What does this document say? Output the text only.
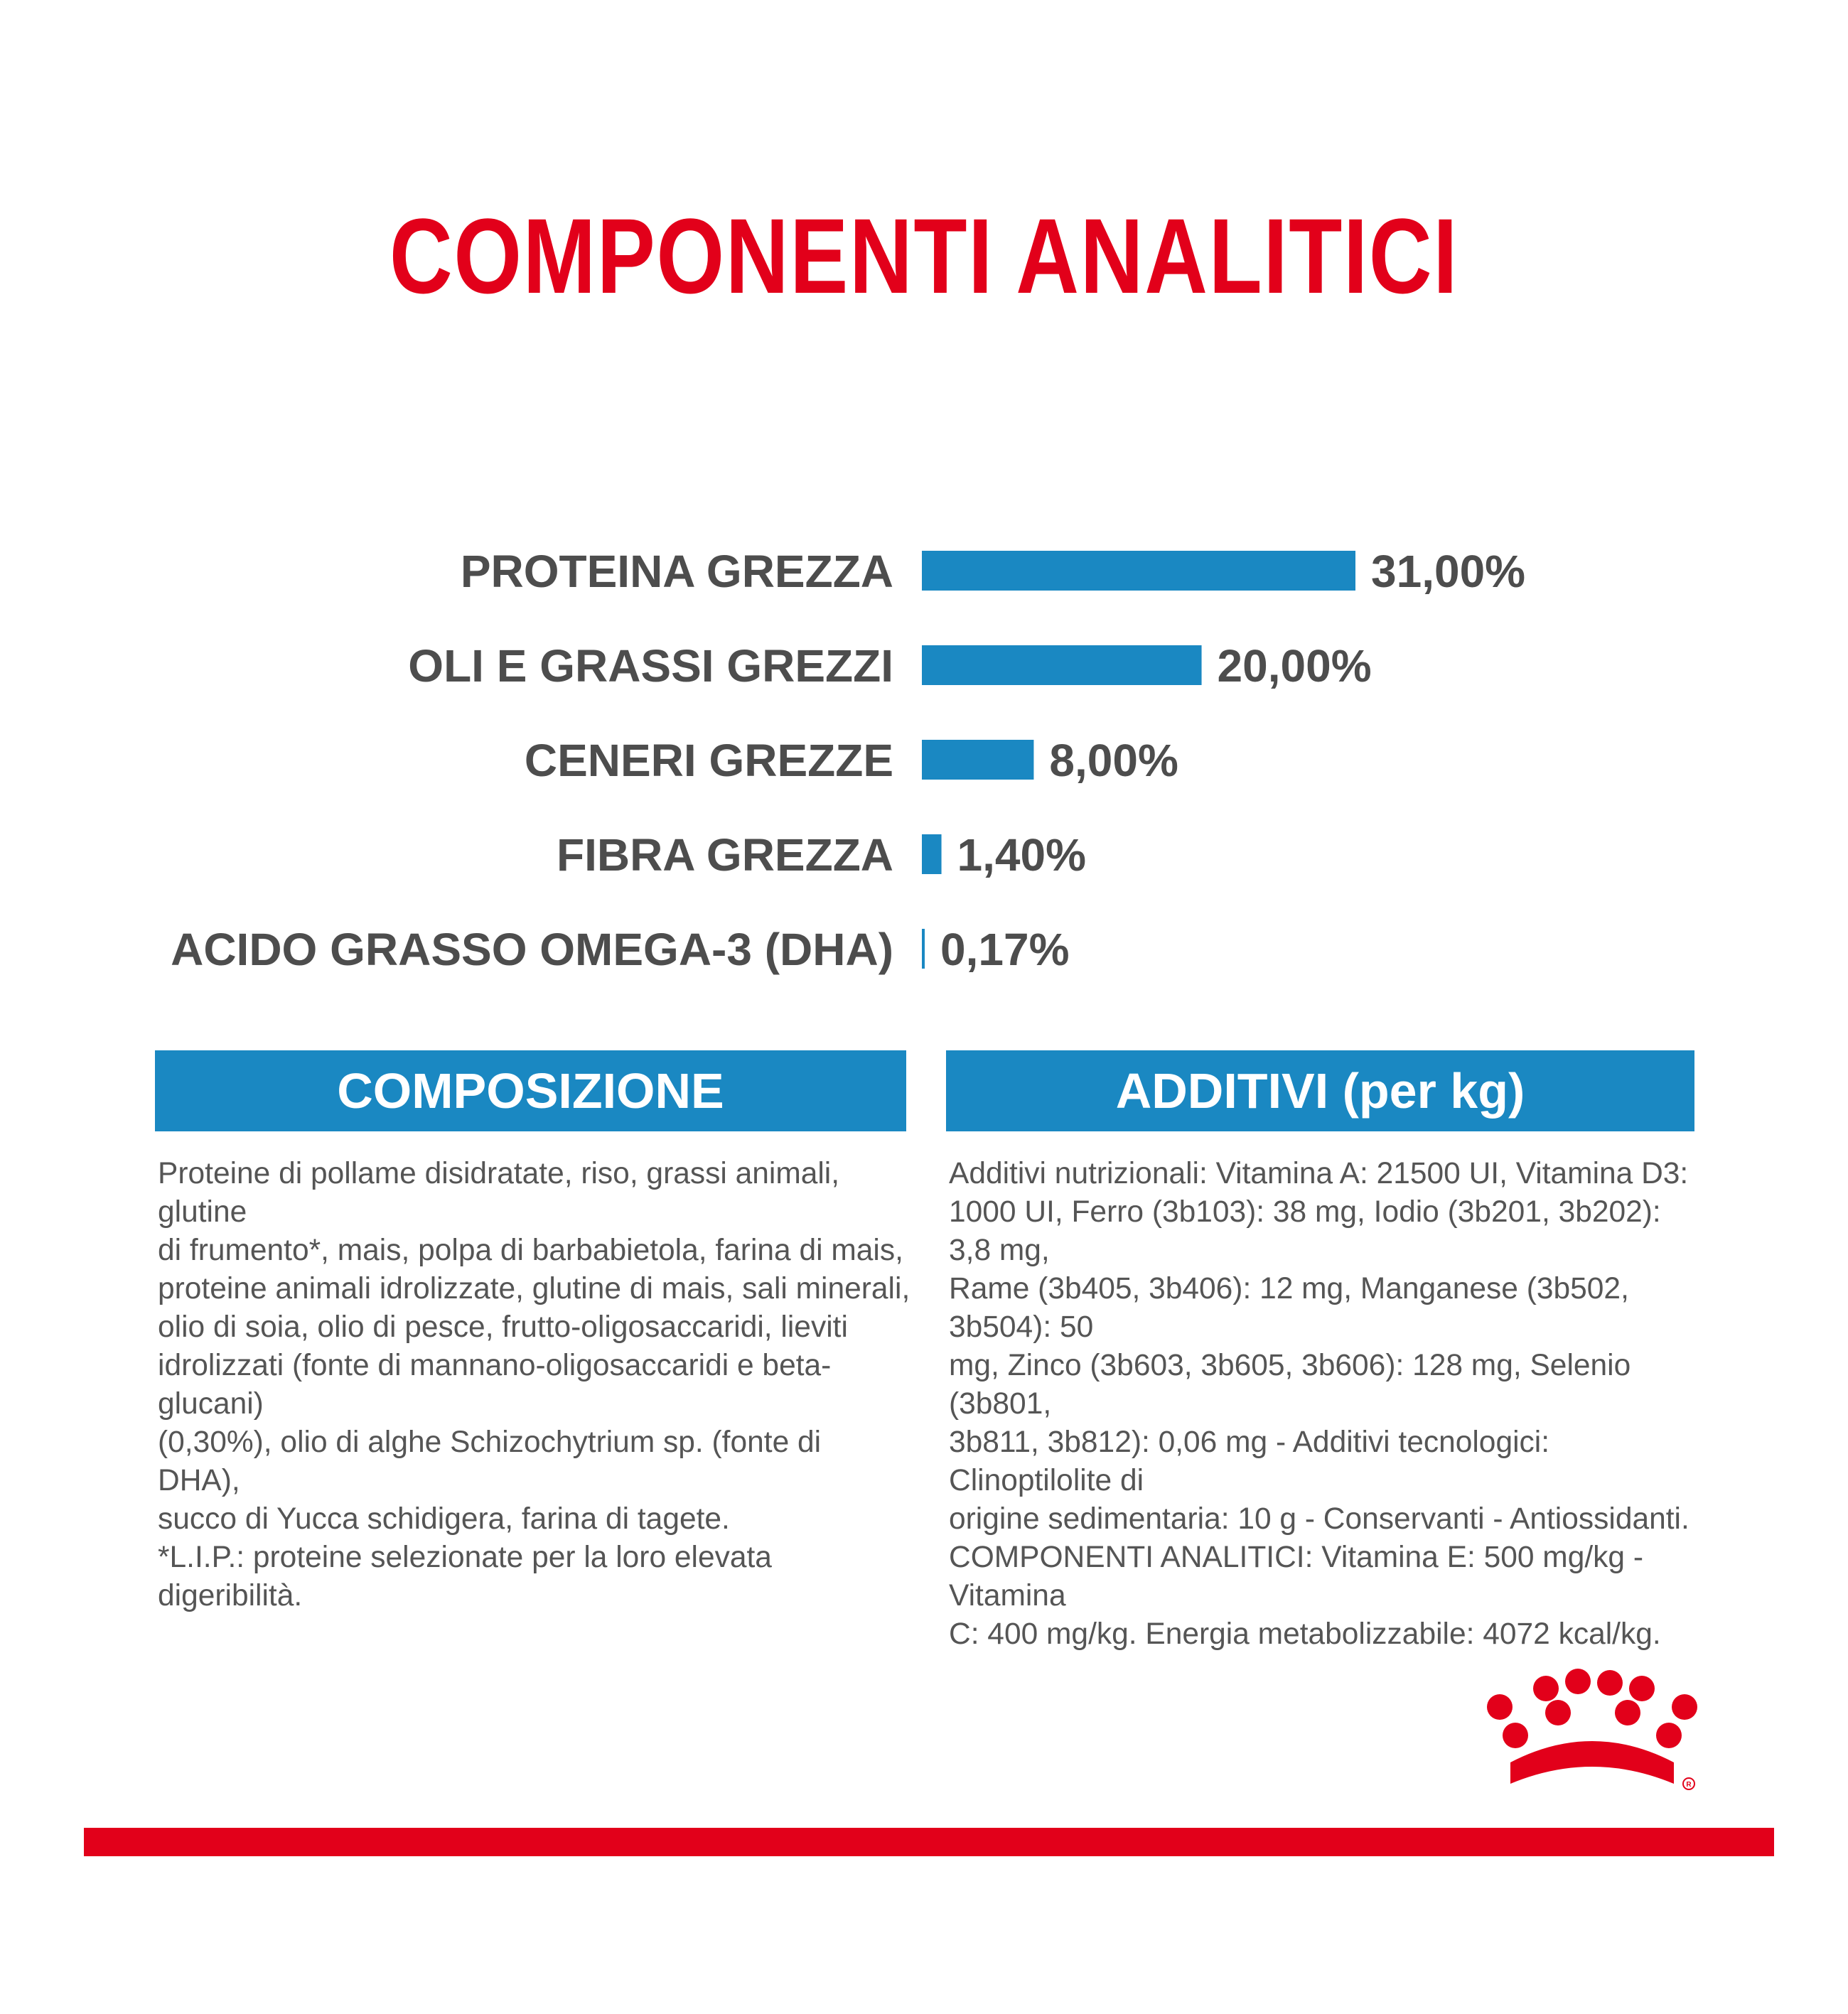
COMPONENTI ANALITICI
PROTEINA GREZZA	31,00%
OLI E GRASSI GREZZI	20,00%
CENERI GREZZE	8,00%
FIBRA GREZZA 1,40%
ACIDO GRASSO OMEGA-3 (DHA) 0,17%
COMPOSIZIONE	ADDITIVI (per kg)

Proteine di pollame disidratate, riso, grassi animali, glutine
di frumento*, mais, polpa di barbabietola, farina di mais,
proteine animali idrolizzate, glutine di mais, sali minerali,
olio di soia, olio di pesce, frutto-oligosaccaridi, lieviti
idrolizzati (fonte di mannano-oligosaccaridi e beta-glucani)
(0,30%), olio di alghe Schizochytrium sp. (fonte di DHA),
succo di Yucca schidigera, farina di tagete.
*L.I.P.: proteine selezionate per la loro elevata digeribilità.

Additivi nutrizionali: Vitamina A: 21500 UI, Vitamina D3:
1000 UI, Ferro (3b103): 38 mg, Iodio (3b201, 3b202): 3,8 mg,
Rame (3b405, 3b406): 12 mg, Manganese (3b502, 3b504): 50
mg, Zinco (3b603, 3b605, 3b606): 128 mg, Selenio (3b801,
3b811, 3b812): 0,06 mg - Additivi tecnologici: Clinoptilolite di
origine sedimentaria: 10 g - Conservanti - Antiossidanti.
COMPONENTI ANALITICI: Vitamina E: 500 mg/kg - Vitamina
C: 400 mg/kg. Energia metabolizzabile: 4072 kcal/kg.

R
